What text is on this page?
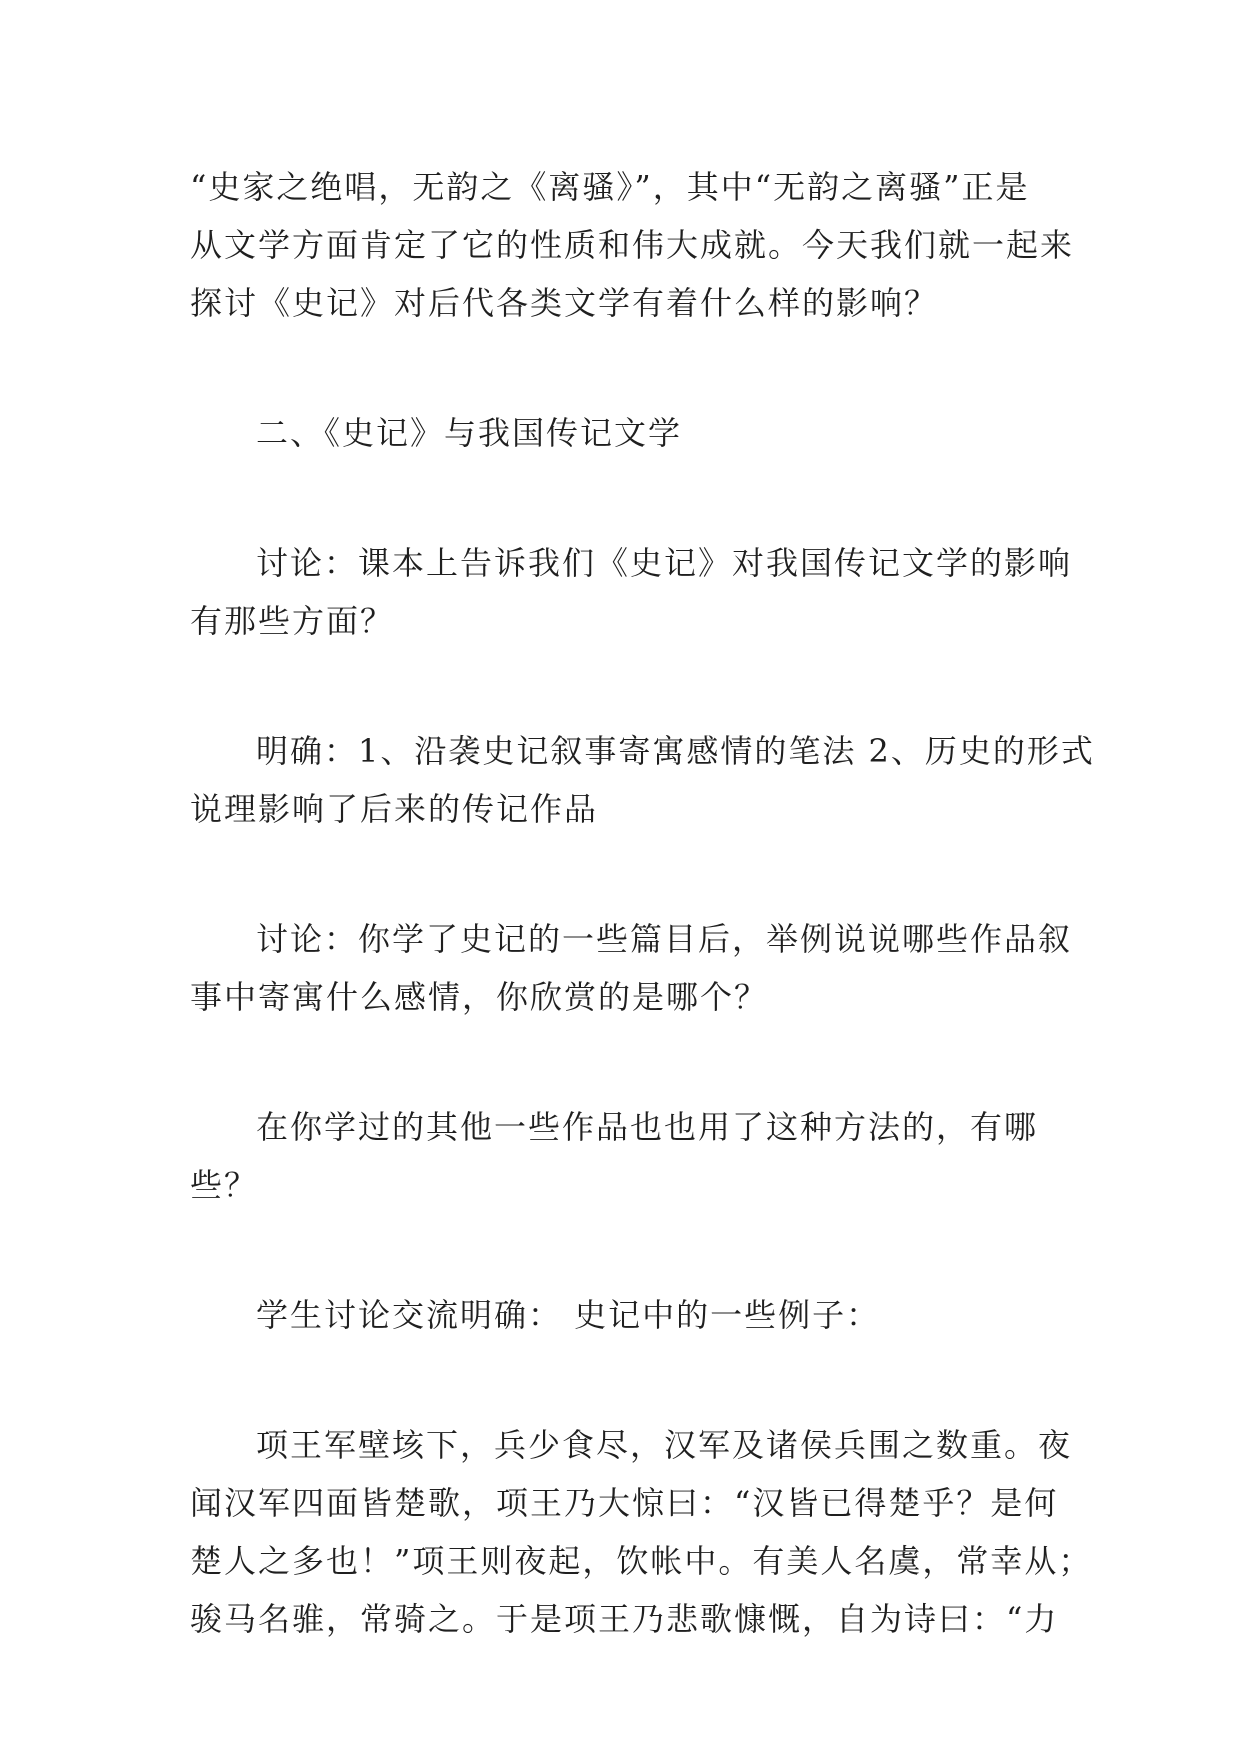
“史家之绝唱，无韵之《离骚》”，其中“无韵之离骚”正是
从文学方面肯定了它的性质和伟大成就。今天我们就一起来
探讨《史记》对后代各类文学有着什么样的影响？

二、《史记》与我国传记文学

讨论：课本上告诉我们《史记》对我国传记文学的影响
有那些方面？

明确：1、沿袭史记叙事寄寓感情的笔法 2、历史的形式
说理影响了后来的传记作品

讨论：你学了史记的一些篇目后，举例说说哪些作品叙
事中寄寓什么感情，你欣赏的是哪个？

在你学过的其他一些作品也也用了这种方法的，有哪
些？

学生讨论交流明确： 史记中的一些例子：

项王军壁垓下，兵少食尽，汉军及诸侯兵围之数重。夜
闻汉军四面皆楚歌，项王乃大惊曰：“汉皆已得楚乎？是何
楚人之多也！”项王则夜起，饮帐中。有美人名虞，常幸从；
骏马名骓，常骑之。于是项王乃悲歌慷慨，自为诗曰：“力
